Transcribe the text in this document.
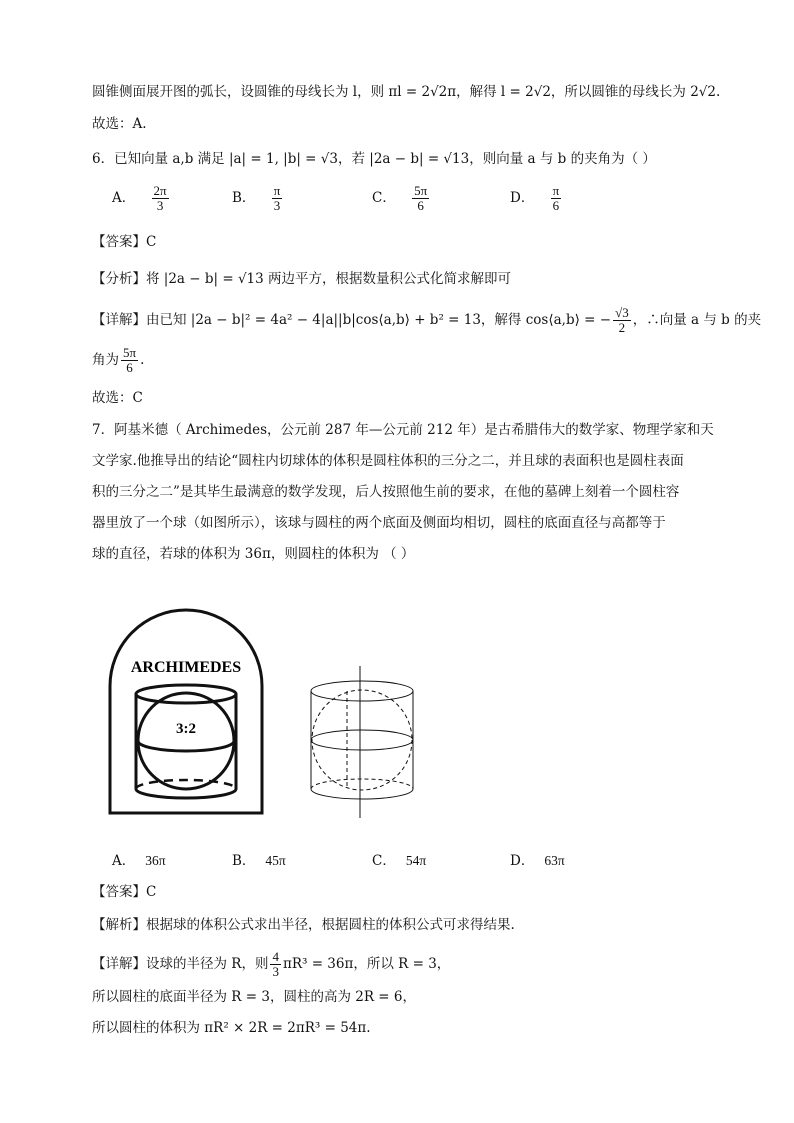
圆锥侧面展开图的弧长，设圆锥的母线长为 l，则 πl = 2√2π，解得 l = 2√2，所以圆锥的母线长为 2√2.
故选：A.
6．已知向量 a,b 满足 |a| = 1, |b| = √3，若 |2a − b| = √13，则向量 a 与 b 的夹角为（ ）
A． $\frac{2\pi}{3}$	B． $\frac{\pi}{3}$	C． $\frac{5\pi}{6}$	D． $\frac{\pi}{6}$
【答案】C
【分析】将 |2a − b| = √13 两边平方，根据数量积公式化简求解即可
【详解】由已知 |2a − b|² = 4a² − 4|a||b|cos⟨a,b⟩ + b² = 13，解得 cos⟨a,b⟩ = − $\frac{√3}{2}$ ，∴向量 a 与 b 的夹
角为 $\frac{5\pi}{6}$ .
故选：C
7．阿基米德（ Archimedes，公元前 287 年—公元前 212 年）是古希腊伟大的数学家、物理学家和天
文学家.他推导出的结论“圆柱内切球体的体积是圆柱体积的三分之二，并且球的表面积也是圆柱表面
积的三分之二”是其毕生最满意的数学发现，后人按照他生前的要求，在他的墓碑上刻着一个圆柱容
器里放了一个球（如图所示），该球与圆柱的两个底面及侧面均相切，圆柱的底面直径与高都等于
球的直径，若球的体积为 36π，则圆柱的体积为 （ ）
ARCHIMEDES
3:2
A． 36π	B． 45π	C． 54π	D． 63π
【答案】C
【解析】根据球的体积公式求出半径，根据圆柱的体积公式可求得结果.
【详解】设球的半径为 R，则 $\frac{4}{3} \pi R^3 = 36\pi$，所以 R = 3，
所以圆柱的底面半径为 R = 3，圆柱的高为 2R = 6，
所以圆柱的体积为 πR² × 2R = 2πR³ = 54π.
